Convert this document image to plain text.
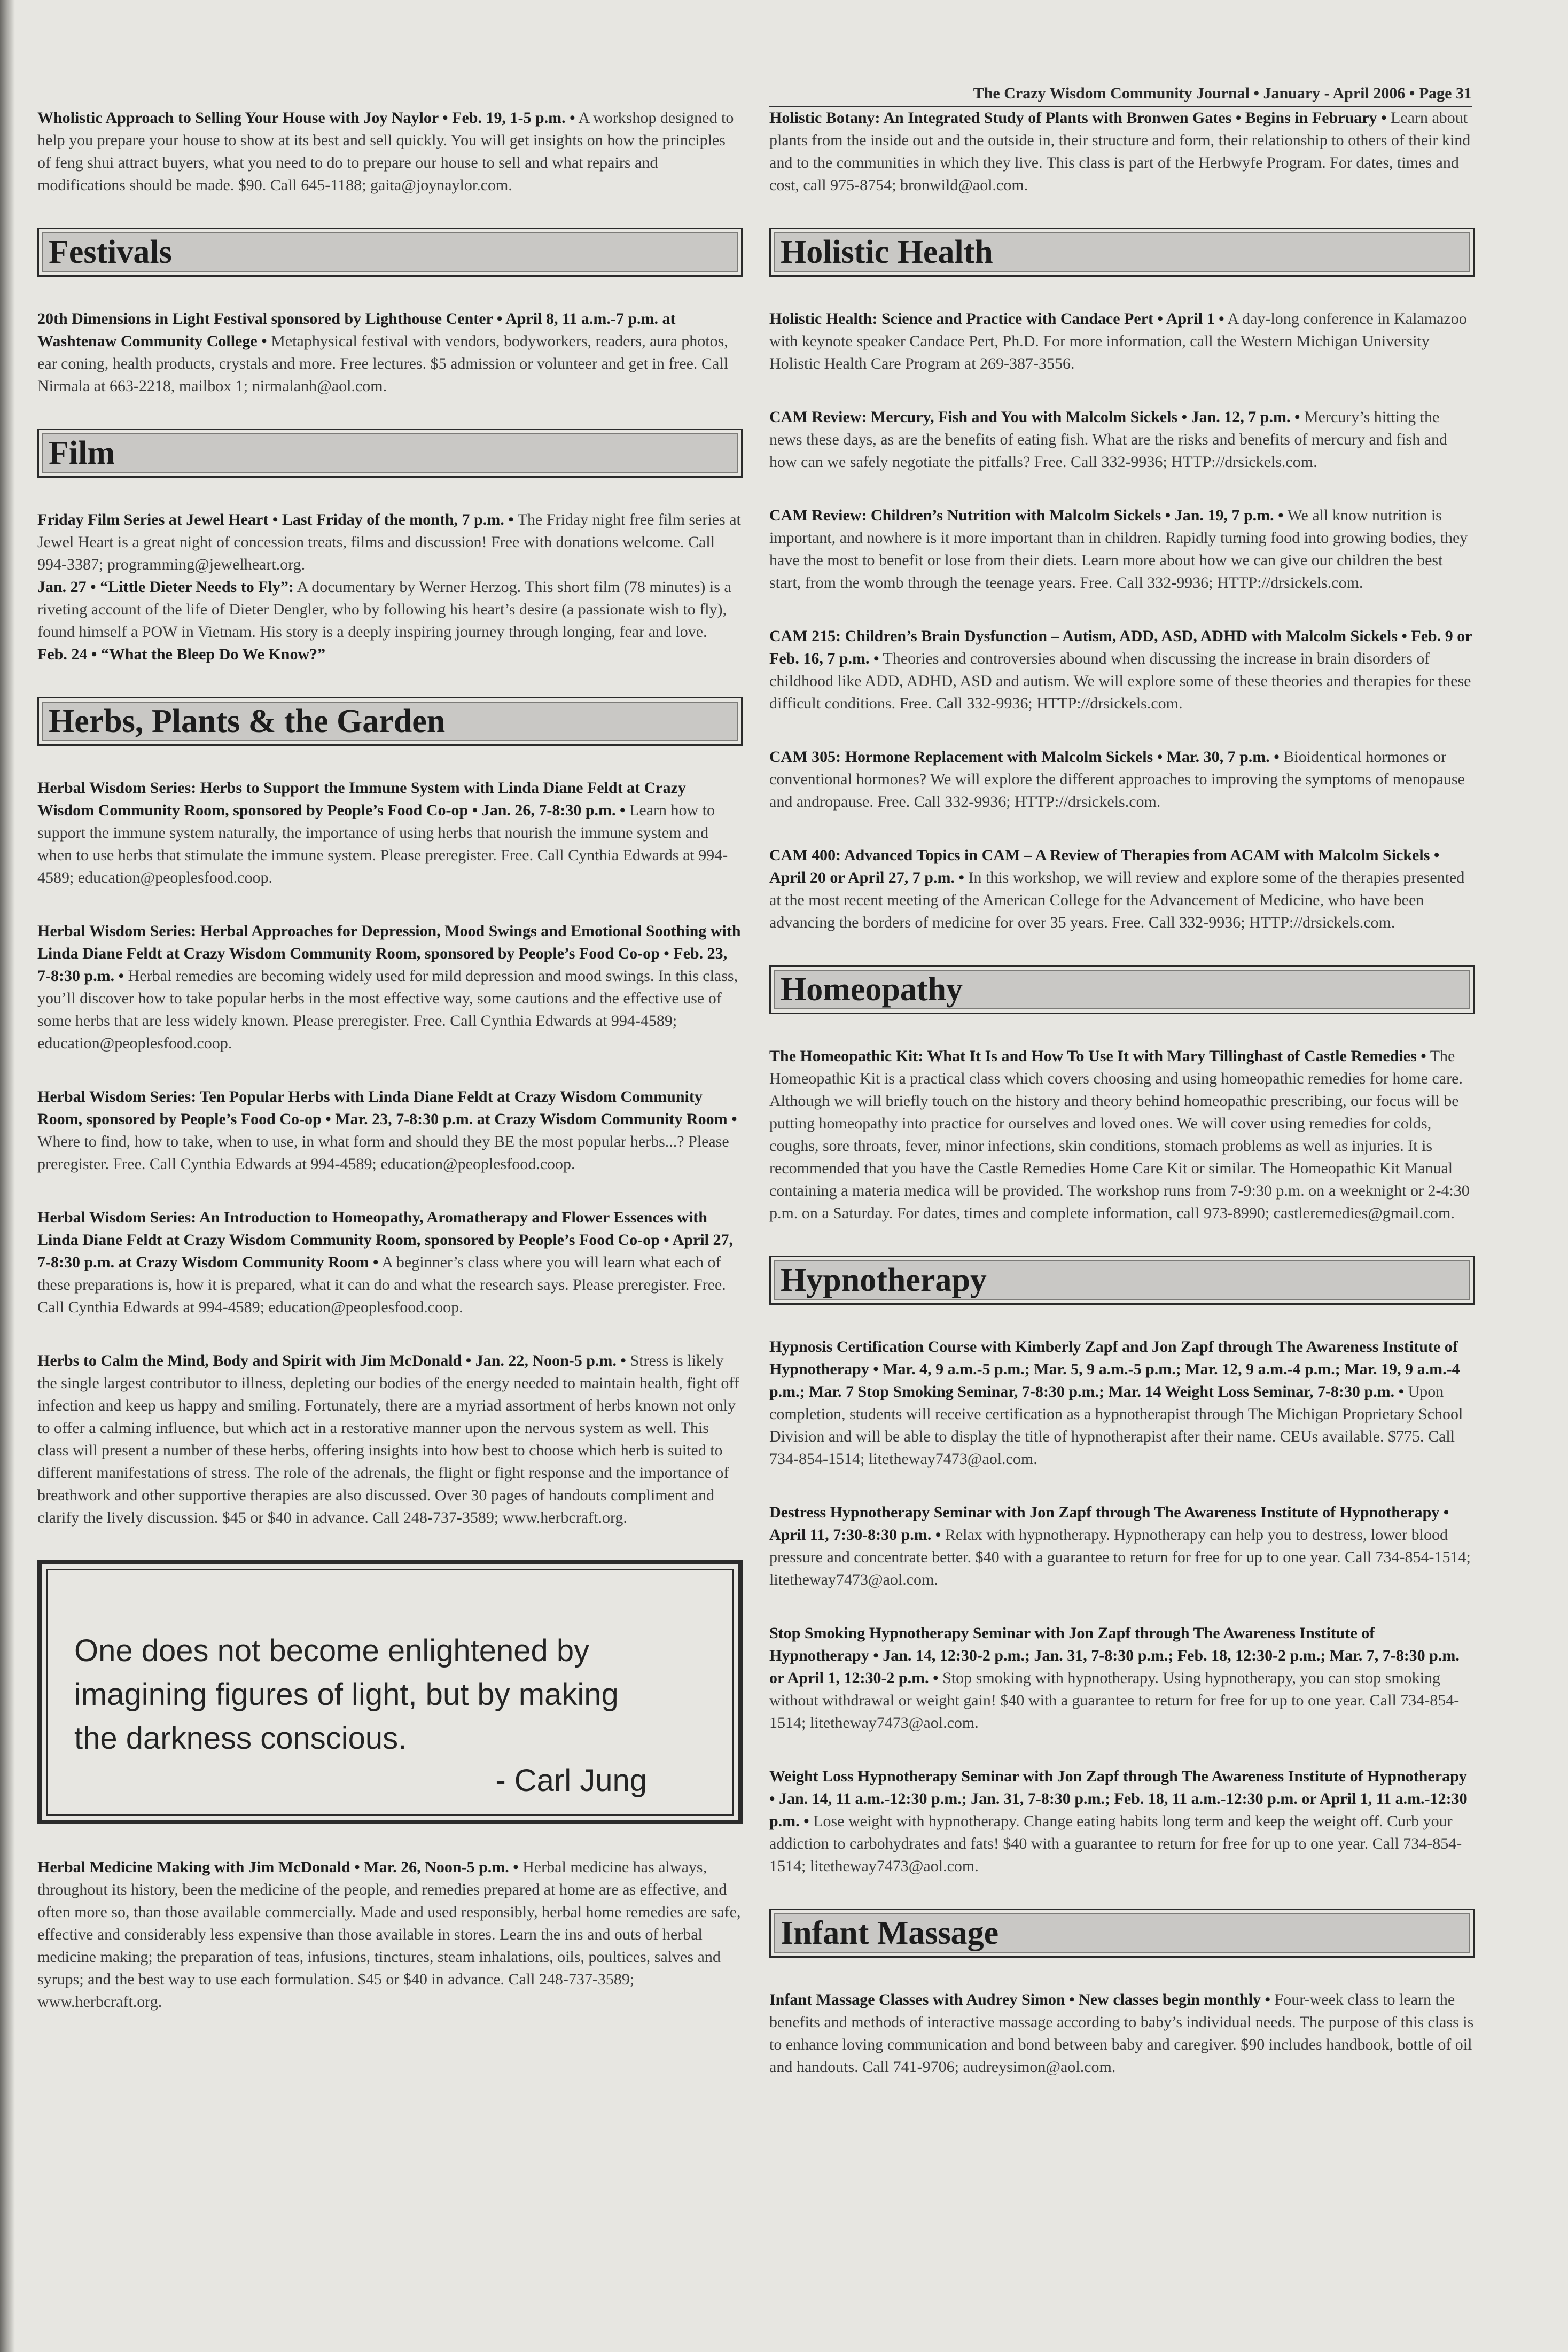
The Crazy Wisdom Community Journal • January - April 2006 • Page 31
Wholistic Approach to Selling Your House with Joy Naylor • Feb. 19, 1-5 p.m. • A workshop designed to help you prepare your house to show at its best and sell quickly. You will get insights on how the principles of feng shui attract buyers, what you need to do to prepare our house to sell and what repairs and modifications should be made. $90. Call 645-1188; gaita@joynaylor.com.
Festivals
20th Dimensions in Light Festival sponsored by Lighthouse Center • April 8, 11 a.m.-7 p.m. at Washtenaw Community College • Metaphysical festival with vendors, bodyworkers, readers, aura photos, ear coning, health products, crystals and more. Free lectures. $5 admission or volunteer and get in free. Call Nirmala at 663-2218, mailbox 1; nirmalanh@aol.com.
Film
Friday Film Series at Jewel Heart • Last Friday of the month, 7 p.m. • The Friday night free film series at Jewel Heart is a great night of concession treats, films and discussion! Free with donations welcome. Call 994-3387; programming@jewelheart.org.
Jan. 27 • “Little Dieter Needs to Fly”: A documentary by Werner Herzog. This short film (78 minutes) is a riveting account of the life of Dieter Dengler, who by following his heart’s desire (a passionate wish to fly), found himself a POW in Vietnam. His story is a deeply inspiring journey through longing, fear and love.
Feb. 24 • “What the Bleep Do We Know?”
Herbs, Plants & the Garden
Herbal Wisdom Series: Herbs to Support the Immune System with Linda Diane Feldt at Crazy Wisdom Community Room, sponsored by People’s Food Co-op • Jan. 26, 7-8:30 p.m. • Learn how to support the immune system naturally, the importance of using herbs that nourish the immune system and when to use herbs that stimulate the immune system. Please preregister. Free. Call Cynthia Edwards at 994-4589; education@peoplesfood.coop.
Herbal Wisdom Series: Herbal Approaches for Depression, Mood Swings and Emotional Soothing with Linda Diane Feldt at Crazy Wisdom Community Room, sponsored by People’s Food Co-op • Feb. 23, 7-8:30 p.m. • Herbal remedies are becoming widely used for mild depression and mood swings. In this class, you’ll discover how to take popular herbs in the most effective way, some cautions and the effective use of some herbs that are less widely known. Please preregister. Free. Call Cynthia Edwards at 994-4589; education@peoplesfood.coop.
Herbal Wisdom Series: Ten Popular Herbs with Linda Diane Feldt at Crazy Wisdom Community Room, sponsored by People’s Food Co-op • Mar. 23, 7-8:30 p.m. at Crazy Wisdom Community Room • Where to find, how to take, when to use, in what form and should they BE the most popular herbs...? Please preregister. Free. Call Cynthia Edwards at 994-4589; education@peoplesfood.coop.
Herbal Wisdom Series: An Introduction to Homeopathy, Aromatherapy and Flower Essences with Linda Diane Feldt at Crazy Wisdom Community Room, sponsored by People’s Food Co-op • April 27, 7-8:30 p.m. at Crazy Wisdom Community Room • A beginner’s class where you will learn what each of these preparations is, how it is prepared, what it can do and what the research says. Please preregister. Free. Call Cynthia Edwards at 994-4589; education@peoplesfood.coop.
Herbs to Calm the Mind, Body and Spirit with Jim McDonald • Jan. 22, Noon-5 p.m. • Stress is likely the single largest contributor to illness, depleting our bodies of the energy needed to maintain health, fight off infection and keep us happy and smiling. Fortunately, there are a myriad assortment of herbs known not only to offer a calming influence, but which act in a restorative manner upon the nervous system as well. This class will present a number of these herbs, offering insights into how best to choose which herb is suited to different manifestations of stress. The role of the adrenals, the flight or fight response and the importance of breathwork and other supportive therapies are also discussed. Over 30 pages of handouts compliment and clarify the lively discussion. $45 or $40 in advance. Call 248-737-3589; www.herbcraft.org.
One does not become enlightened by
imagining figures of light, but by making
the darkness conscious.
- Carl Jung
Herbal Medicine Making with Jim McDonald • Mar. 26, Noon-5 p.m. • Herbal medicine has always, throughout its history, been the medicine of the people, and remedies prepared at home are as effective, and often more so, than those available commercially. Made and used responsibly, herbal home remedies are safe, effective and considerably less expensive than those available in stores. Learn the ins and outs of herbal medicine making; the preparation of teas, infusions, tinctures, steam inhalations, oils, poultices, salves and syrups; and the best way to use each formulation. $45 or $40 in advance. Call 248-737-3589; www.herbcraft.org.
Holistic Botany: An Integrated Study of Plants with Bronwen Gates • Begins in February • Learn about plants from the inside out and the outside in, their structure and form, their relationship to others of their kind and to the communities in which they live. This class is part of the Herbwyfe Program. For dates, times and cost, call 975-8754; bronwild@aol.com.
Holistic Health
Holistic Health: Science and Practice with Candace Pert • April 1 • A day-long conference in Kalamazoo with keynote speaker Candace Pert, Ph.D. For more information, call the Western Michigan University Holistic Health Care Program at 269-387-3556.
CAM Review: Mercury, Fish and You with Malcolm Sickels • Jan. 12, 7 p.m. • Mercury’s hitting the news these days, as are the benefits of eating fish. What are the risks and benefits of mercury and fish and how can we safely negotiate the pitfalls? Free. Call 332-9936; HTTP://drsickels.com.
CAM Review: Children’s Nutrition with Malcolm Sickels • Jan. 19, 7 p.m. • We all know nutrition is important, and nowhere is it more important than in children. Rapidly turning food into growing bodies, they have the most to benefit or lose from their diets. Learn more about how we can give our children the best start, from the womb through the teenage years. Free. Call 332-9936; HTTP://drsickels.com.
CAM 215: Children’s Brain Dysfunction – Autism, ADD, ASD, ADHD with Malcolm Sickels • Feb. 9 or Feb. 16, 7 p.m. • Theories and controversies abound when discussing the increase in brain disorders of childhood like ADD, ADHD, ASD and autism. We will explore some of these theories and therapies for these difficult conditions. Free. Call 332-9936; HTTP://drsickels.com.
CAM 305: Hormone Replacement with Malcolm Sickels • Mar. 30, 7 p.m. • Bioidentical hormones or conventional hormones? We will explore the different approaches to improving the symptoms of menopause and andropause. Free. Call 332-9936; HTTP://drsickels.com.
CAM 400: Advanced Topics in CAM – A Review of Therapies from ACAM with Malcolm Sickels • April 20 or April 27, 7 p.m. • In this workshop, we will review and explore some of the therapies presented at the most recent meeting of the American College for the Advancement of Medicine, who have been advancing the borders of medicine for over 35 years. Free. Call 332-9936; HTTP://drsickels.com.
Homeopathy
The Homeopathic Kit: What It Is and How To Use It with Mary Tillinghast of Castle Remedies • The Homeopathic Kit is a practical class which covers choosing and using homeopathic remedies for home care. Although we will briefly touch on the history and theory behind homeopathic prescribing, our focus will be putting homeopathy into practice for ourselves and loved ones. We will cover using remedies for colds, coughs, sore throats, fever, minor infections, skin conditions, stomach problems as well as injuries. It is recommended that you have the Castle Remedies Home Care Kit or similar. The Homeopathic Kit Manual containing a materia medica will be provided. The workshop runs from 7-9:30 p.m. on a weeknight or 2-4:30 p.m. on a Saturday. For dates, times and complete information, call 973-8990; castleremedies@gmail.com.
Hypnotherapy
Hypnosis Certification Course with Kimberly Zapf and Jon Zapf through The Awareness Institute of Hypnotherapy • Mar. 4, 9 a.m.-5 p.m.; Mar. 5, 9 a.m.-5 p.m.; Mar. 12, 9 a.m.-4 p.m.; Mar. 19, 9 a.m.-4 p.m.; Mar. 7 Stop Smoking Seminar, 7-8:30 p.m.; Mar. 14 Weight Loss Seminar, 7-8:30 p.m. • Upon completion, students will receive certification as a hypnotherapist through The Michigan Proprietary School Division and will be able to display the title of hypnotherapist after their name. CEUs available. $775. Call 734-854-1514; litetheway7473@aol.com.
Destress Hypnotherapy Seminar with Jon Zapf through The Awareness Institute of Hypnotherapy • April 11, 7:30-8:30 p.m. • Relax with hypnotherapy. Hypnotherapy can help you to destress, lower blood pressure and concentrate better. $40 with a guarantee to return for free for up to one year. Call 734-854-1514; litetheway7473@aol.com.
Stop Smoking Hypnotherapy Seminar with Jon Zapf through The Awareness Institute of Hypnotherapy • Jan. 14, 12:30-2 p.m.; Jan. 31, 7-8:30 p.m.; Feb. 18, 12:30-2 p.m.; Mar. 7, 7-8:30 p.m. or April 1, 12:30-2 p.m. • Stop smoking with hypnotherapy. Using hypnotherapy, you can stop smoking without withdrawal or weight gain! $40 with a guarantee to return for free for up to one year. Call 734-854-1514; litetheway7473@aol.com.
Weight Loss Hypnotherapy Seminar with Jon Zapf through The Awareness Institute of Hypnotherapy • Jan. 14, 11 a.m.-12:30 p.m.; Jan. 31, 7-8:30 p.m.; Feb. 18, 11 a.m.-12:30 p.m. or April 1, 11 a.m.-12:30 p.m. • Lose weight with hypnotherapy. Change eating habits long term and keep the weight off. Curb your addiction to carbohydrates and fats! $40 with a guarantee to return for free for up to one year. Call 734-854-1514; litetheway7473@aol.com.
Infant Massage
Infant Massage Classes with Audrey Simon • New classes begin monthly • Four-week class to learn the benefits and methods of interactive massage according to baby’s individual needs. The purpose of this class is to enhance loving communication and bond between baby and caregiver. $90 includes handbook, bottle of oil and handouts. Call 741-9706; audreysimon@aol.com.
